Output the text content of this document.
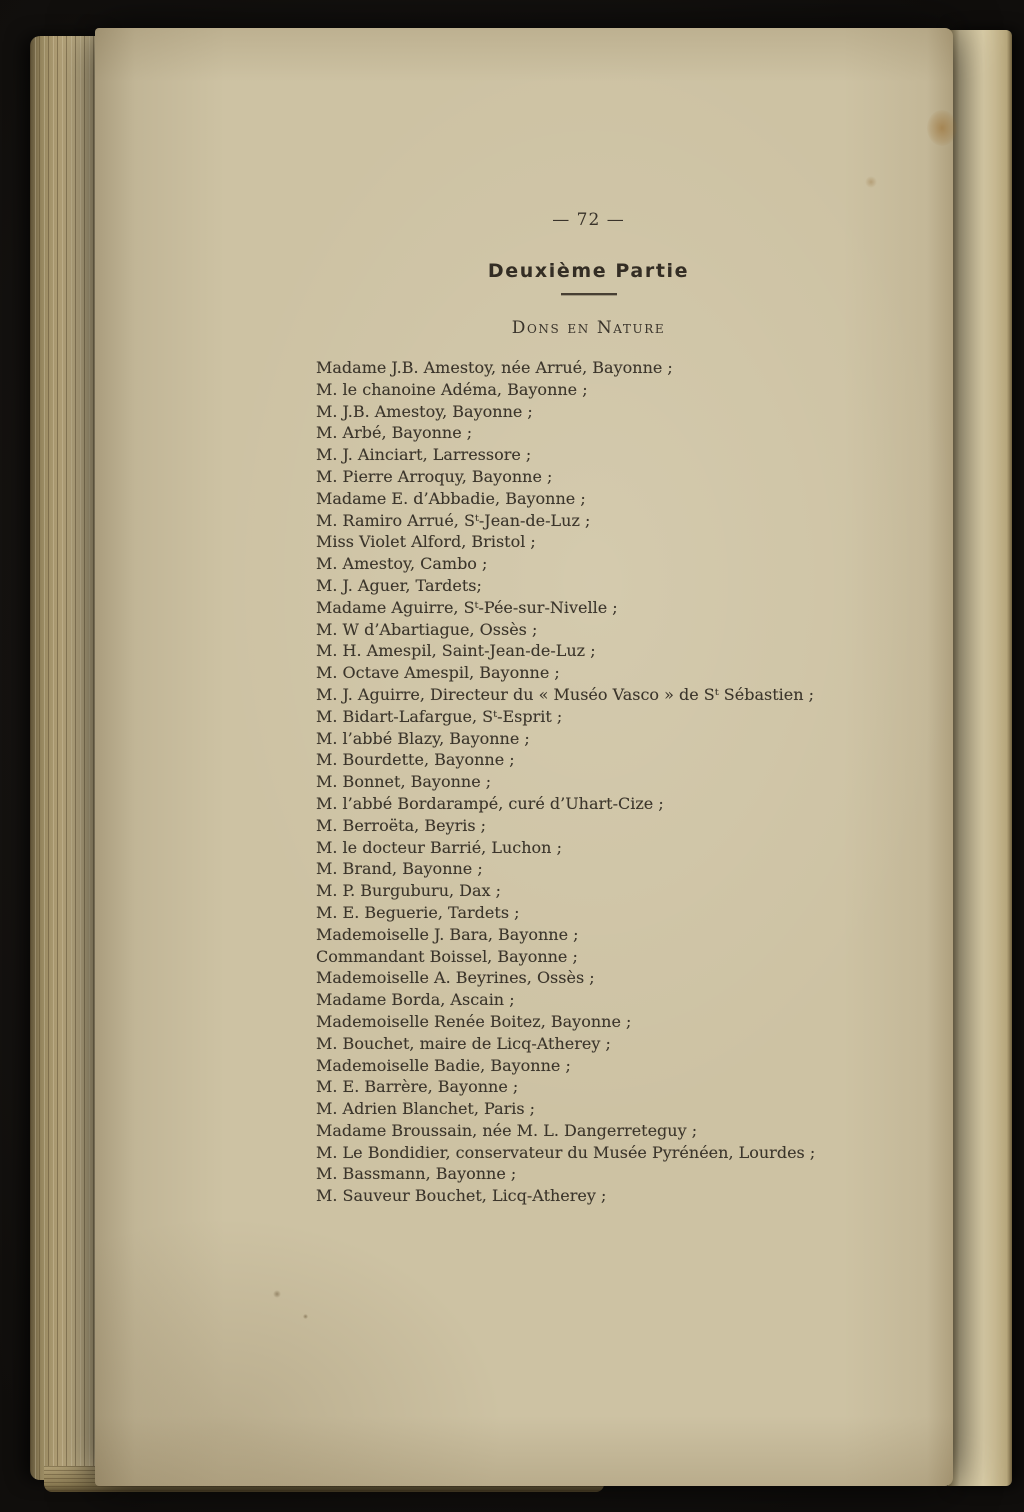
— 72 —
Deuxième Partie
Dons en Nature
Madame J.B. Amestoy, née Arrué, Bayonne ;
M. le chanoine Adéma, Bayonne ;
M. J.B. Amestoy, Bayonne ;
M. Arbé, Bayonne ;
M. J. Ainciart, Larressore ;
M. Pierre Arroquy, Bayonne ;
Madame E. d’Abbadie, Bayonne ;
M. Ramiro Arrué, Sᵗ-Jean-de-Luz ;
Miss Violet Alford, Bristol ;
M. Amestoy, Cambo ;
M. J. Aguer, Tardets;
Madame Aguirre, Sᵗ-Pée-sur-Nivelle ;
M. W d’Abartiague, Ossès ;
M. H. Amespil, Saint-Jean-de-Luz ;
M. Octave Amespil, Bayonne ;
M. J. Aguirre, Directeur du « Muséo Vasco » de Sᵗ Sébastien ;
M. Bidart-Lafargue, Sᵗ-Esprit ;
M. l’abbé Blazy, Bayonne ;
M. Bourdette, Bayonne ;
M. Bonnet, Bayonne ;
M. l’abbé Bordarampé, curé d’Uhart-Cize ;
M. Berroëta, Beyris ;
M. le docteur Barrié, Luchon ;
M. Brand, Bayonne ;
M. P. Burguburu, Dax ;
M. E. Beguerie, Tardets ;
Mademoiselle J. Bara, Bayonne ;
Commandant Boissel, Bayonne ;
Mademoiselle A. Beyrines, Ossès ;
Madame Borda, Ascain ;
Mademoiselle Renée Boitez, Bayonne ;
M. Bouchet, maire de Licq-Atherey ;
Mademoiselle Badie, Bayonne ;
M. E. Barrère, Bayonne ;
M. Adrien Blanchet, Paris ;
Madame Broussain, née M. L. Dangerreteguy ;
M. Le Bondidier, conservateur du Musée Pyrénéen, Lourdes ;
M. Bassmann, Bayonne ;
M. Sauveur Bouchet, Licq-Atherey ;
